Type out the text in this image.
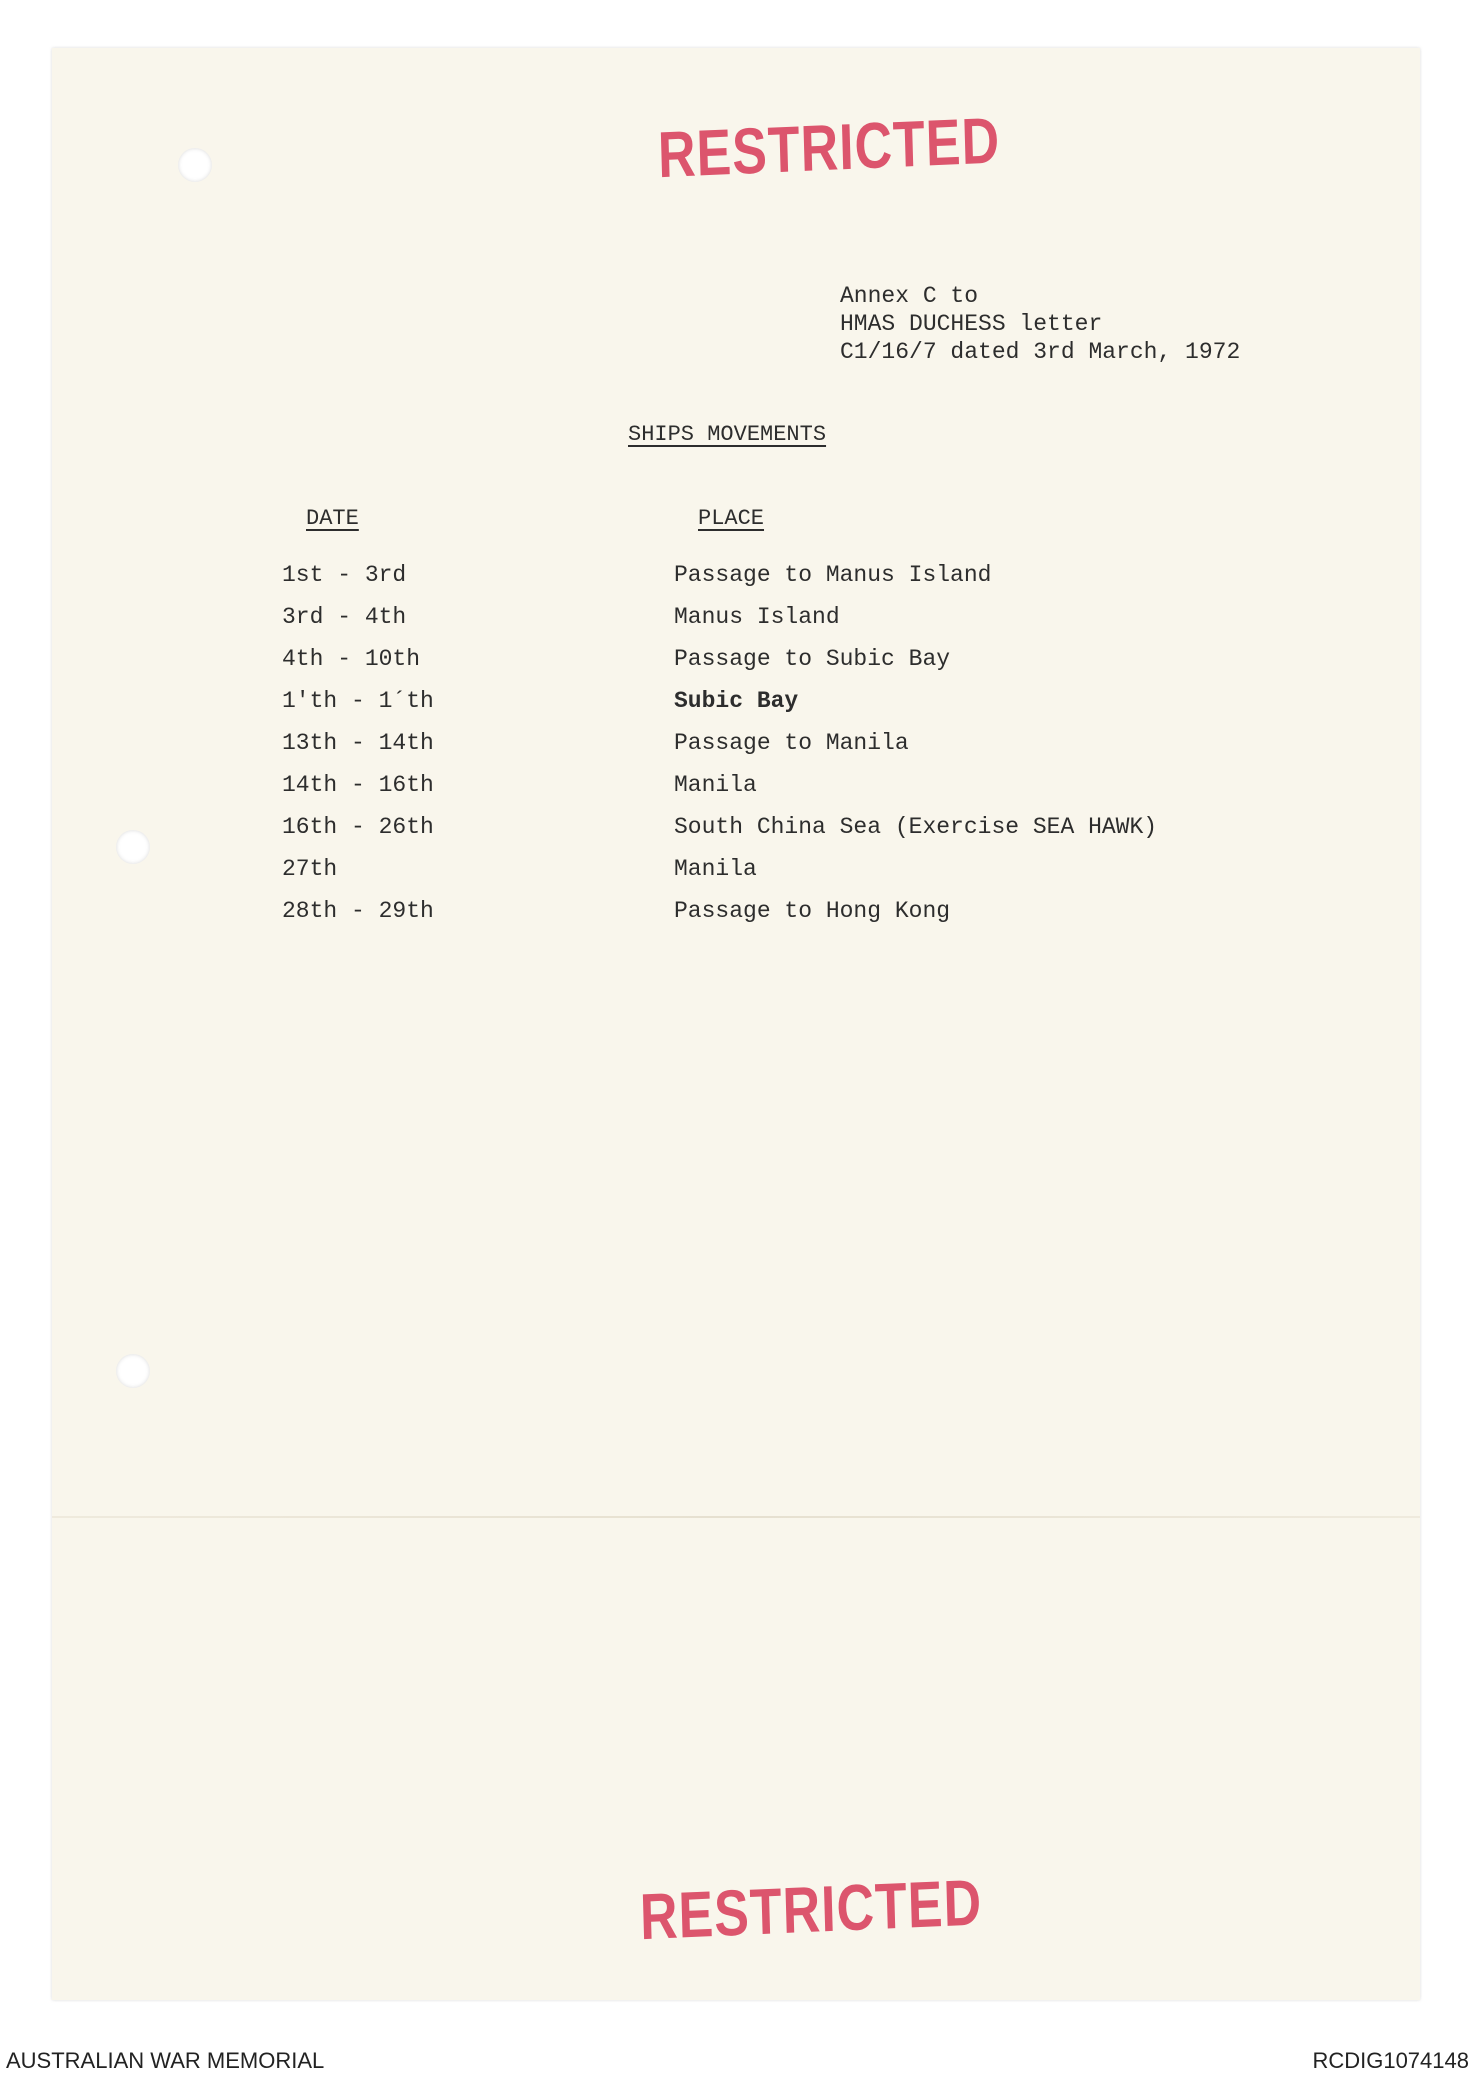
RESTRICTED
Annex C to
HMAS DUCHESS letter
C1/16/7 dated 3rd March, 1972
SHIPS MOVEMENTS
DATE	PLACE
1st - 3rd	Passage to Manus Island
3rd - 4th	Manus Island
4th - 10th	Passage to Subic Bay
1'th - 1´th	Subic Bay
13th - 14th	Passage to Manila
14th - 16th	Manila
16th - 26th	South China Sea (Exercise SEA HAWK)
27th	Manila
28th - 29th	Passage to Hong Kong
RESTRICTED
AUSTRALIAN WAR MEMORIAL	RCDIG1074148
